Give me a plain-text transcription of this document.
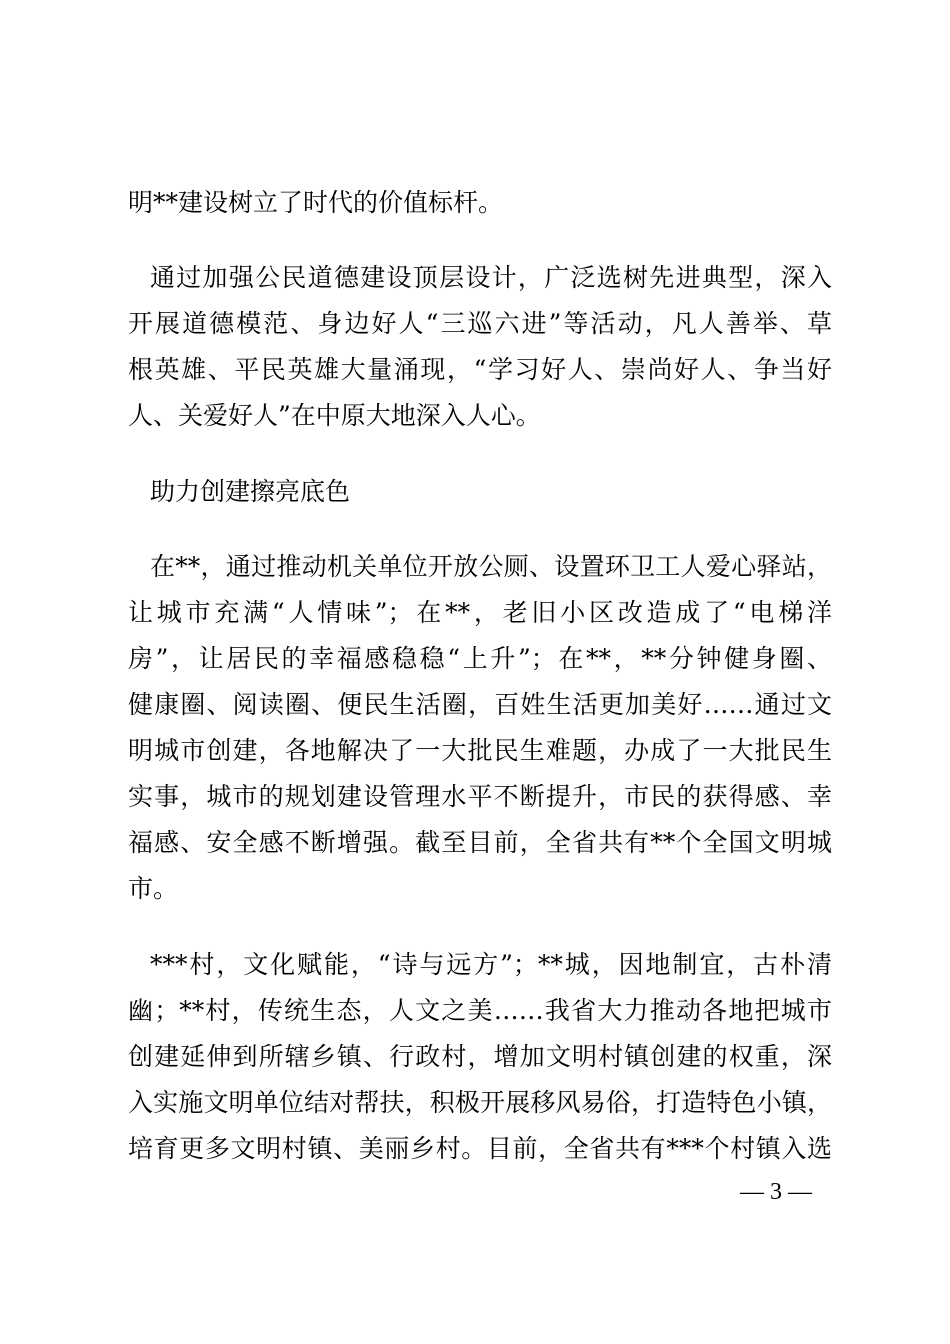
明**建设树立了时代的价值标杆。
通过加强公民道德建设顶层设计，广泛选树先进典型，深入
开展道德模范、身边好人“三巡六进”等活动，凡人善举、草
根英雄、平民英雄大量涌现，“学习好人、崇尚好人、争当好
人、关爱好人”在中原大地深入人心。
助力创建擦亮底色
在**，通过推动机关单位开放公厕、设置环卫工人爱心驿站，
让城市充满“人情味”；在**，老旧小区改造成了“电梯洋
房”，让居民的幸福感稳稳“上升”；在**，**分钟健身圈、
健康圈、阅读圈、便民生活圈，百姓生活更加美好……通过文
明城市创建，各地解决了一大批民生难题，办成了一大批民生
实事，城市的规划建设管理水平不断提升，市民的获得感、幸
福感、安全感不断增强。截至目前，全省共有**个全国文明城
市。
***村，文化赋能，“诗与远方”；**城，因地制宜，古朴清
幽；**村，传统生态，人文之美……我省大力推动各地把城市
创建延伸到所辖乡镇、行政村，增加文明村镇创建的权重，深
入实施文明单位结对帮扶，积极开展移风易俗，打造特色小镇，
培育更多文明村镇、美丽乡村。目前，全省共有***个村镇入选
— 3 —
